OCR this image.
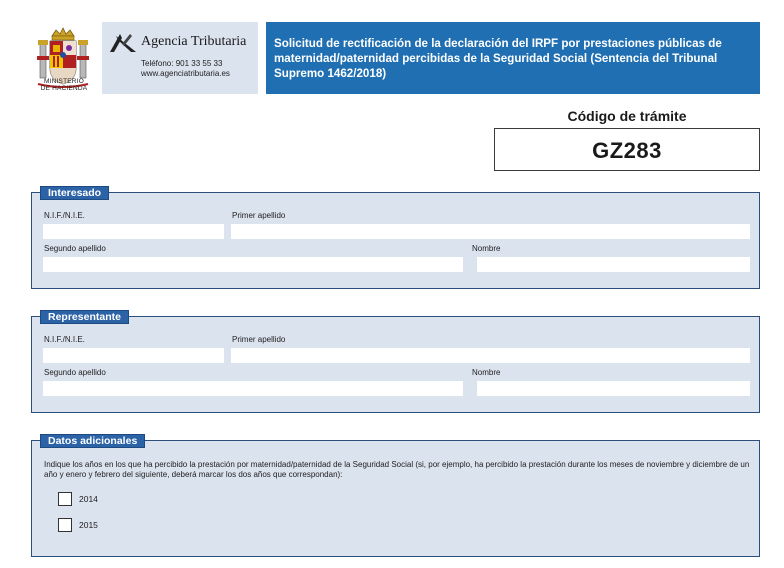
MINISTERIO
DE HACIENDA
Agencia Tributaria
Teléfono: 901 33 55 33
www.agenciatributaria.es
Solicitud de rectificación de la declaración del IRPF por prestaciones públicas de maternidad/paternidad percibidas de la Seguridad Social (Sentencia del Tribunal Supremo 1462/2018)
Código de trámite
GZ283
Interesado
N.I.F./N.I.E.	Primer apellido
Segundo apellido	Nombre
Representante
N.I.F./N.I.E.	Primer apellido
Segundo apellido	Nombre
Datos adicionales
Indique los años en los que ha percibido la prestación por maternidad/paternidad de la Seguridad Social (si, por ejemplo, ha percibido la prestación durante los meses de noviembre y diciembre de un año y enero y febrero del siguiente, deberá marcar los dos años que correspondan):
2014
2015
